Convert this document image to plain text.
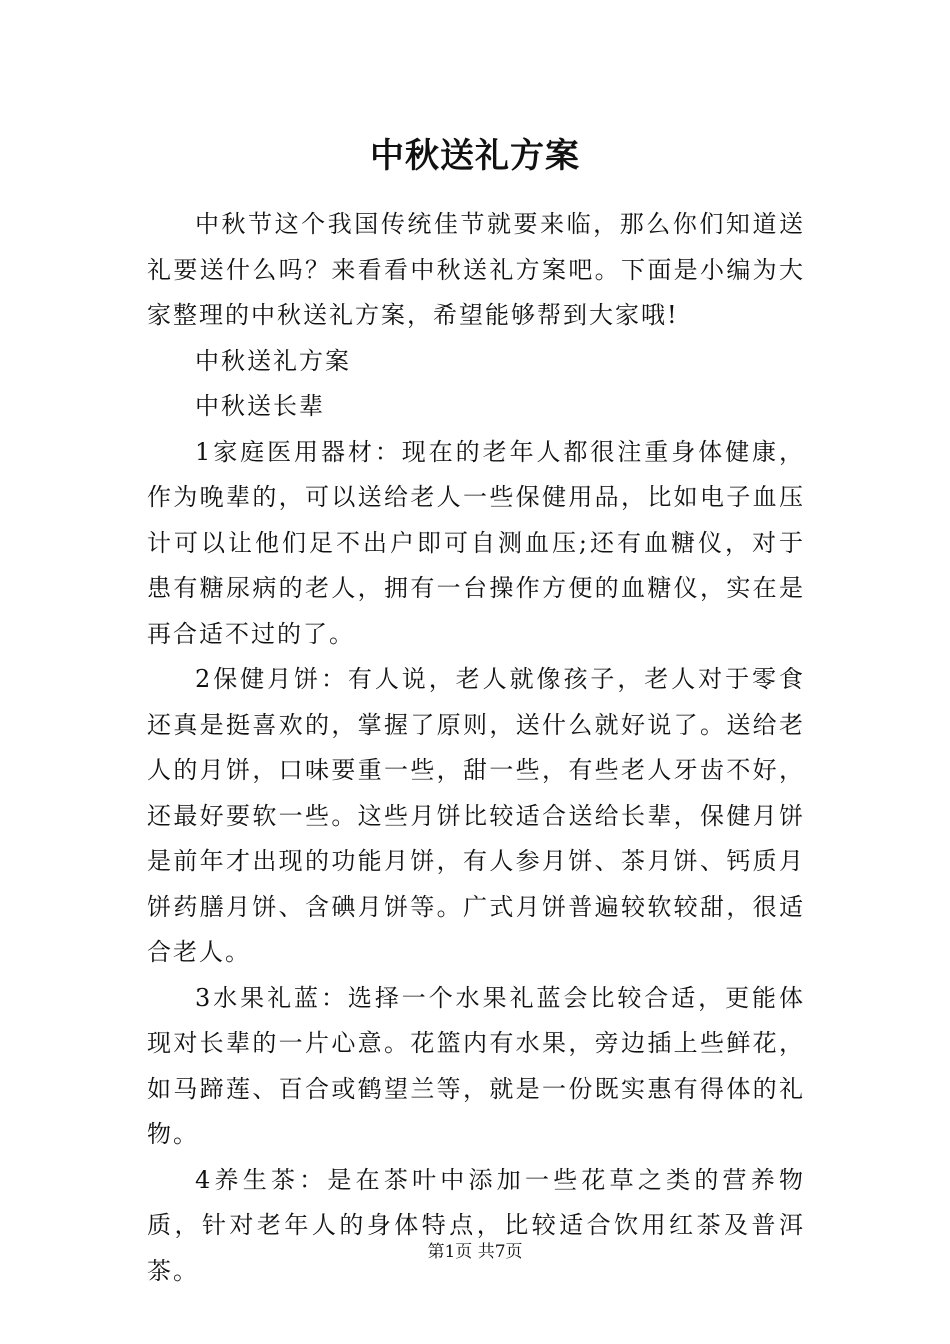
中秋送礼方案

中秋节这个我国传统佳节就要来临，那么你们知道送礼要送什么吗？来看看中秋送礼方案吧。下面是小编为大家整理的中秋送礼方案，希望能够帮到大家哦!

中秋送礼方案

中秋送长辈

1家庭医用器材：现在的老年人都很注重身体健康，作为晚辈的，可以送给老人一些保健用品，比如电子血压计可以让他们足不出户即可自测血压;还有血糖仪，对于患有糖尿病的老人，拥有一台操作方便的血糖仪，实在是再合适不过的了。

2保健月饼：有人说，老人就像孩子，老人对于零食还真是挺喜欢的，掌握了原则，送什么就好说了。送给老人的月饼，口味要重一些，甜一些，有些老人牙齿不好，还最好要软一些。这些月饼比较适合送给长辈，保健月饼是前年才出现的功能月饼，有人参月饼、茶月饼、钙质月饼药膳月饼、含碘月饼等。广式月饼普遍较软较甜，很适合老人。

3水果礼蓝：选择一个水果礼蓝会比较合适，更能体现对长辈的一片心意。花篮内有水果，旁边插上些鲜花，如马蹄莲、百合或鹤望兰等，就是一份既实惠有得体的礼物。

4养生茶：是在茶叶中添加一些花草之类的营养物质，针对老年人的身体特点，比较适合饮用红茶及普洱茶。

第1页 共7页
